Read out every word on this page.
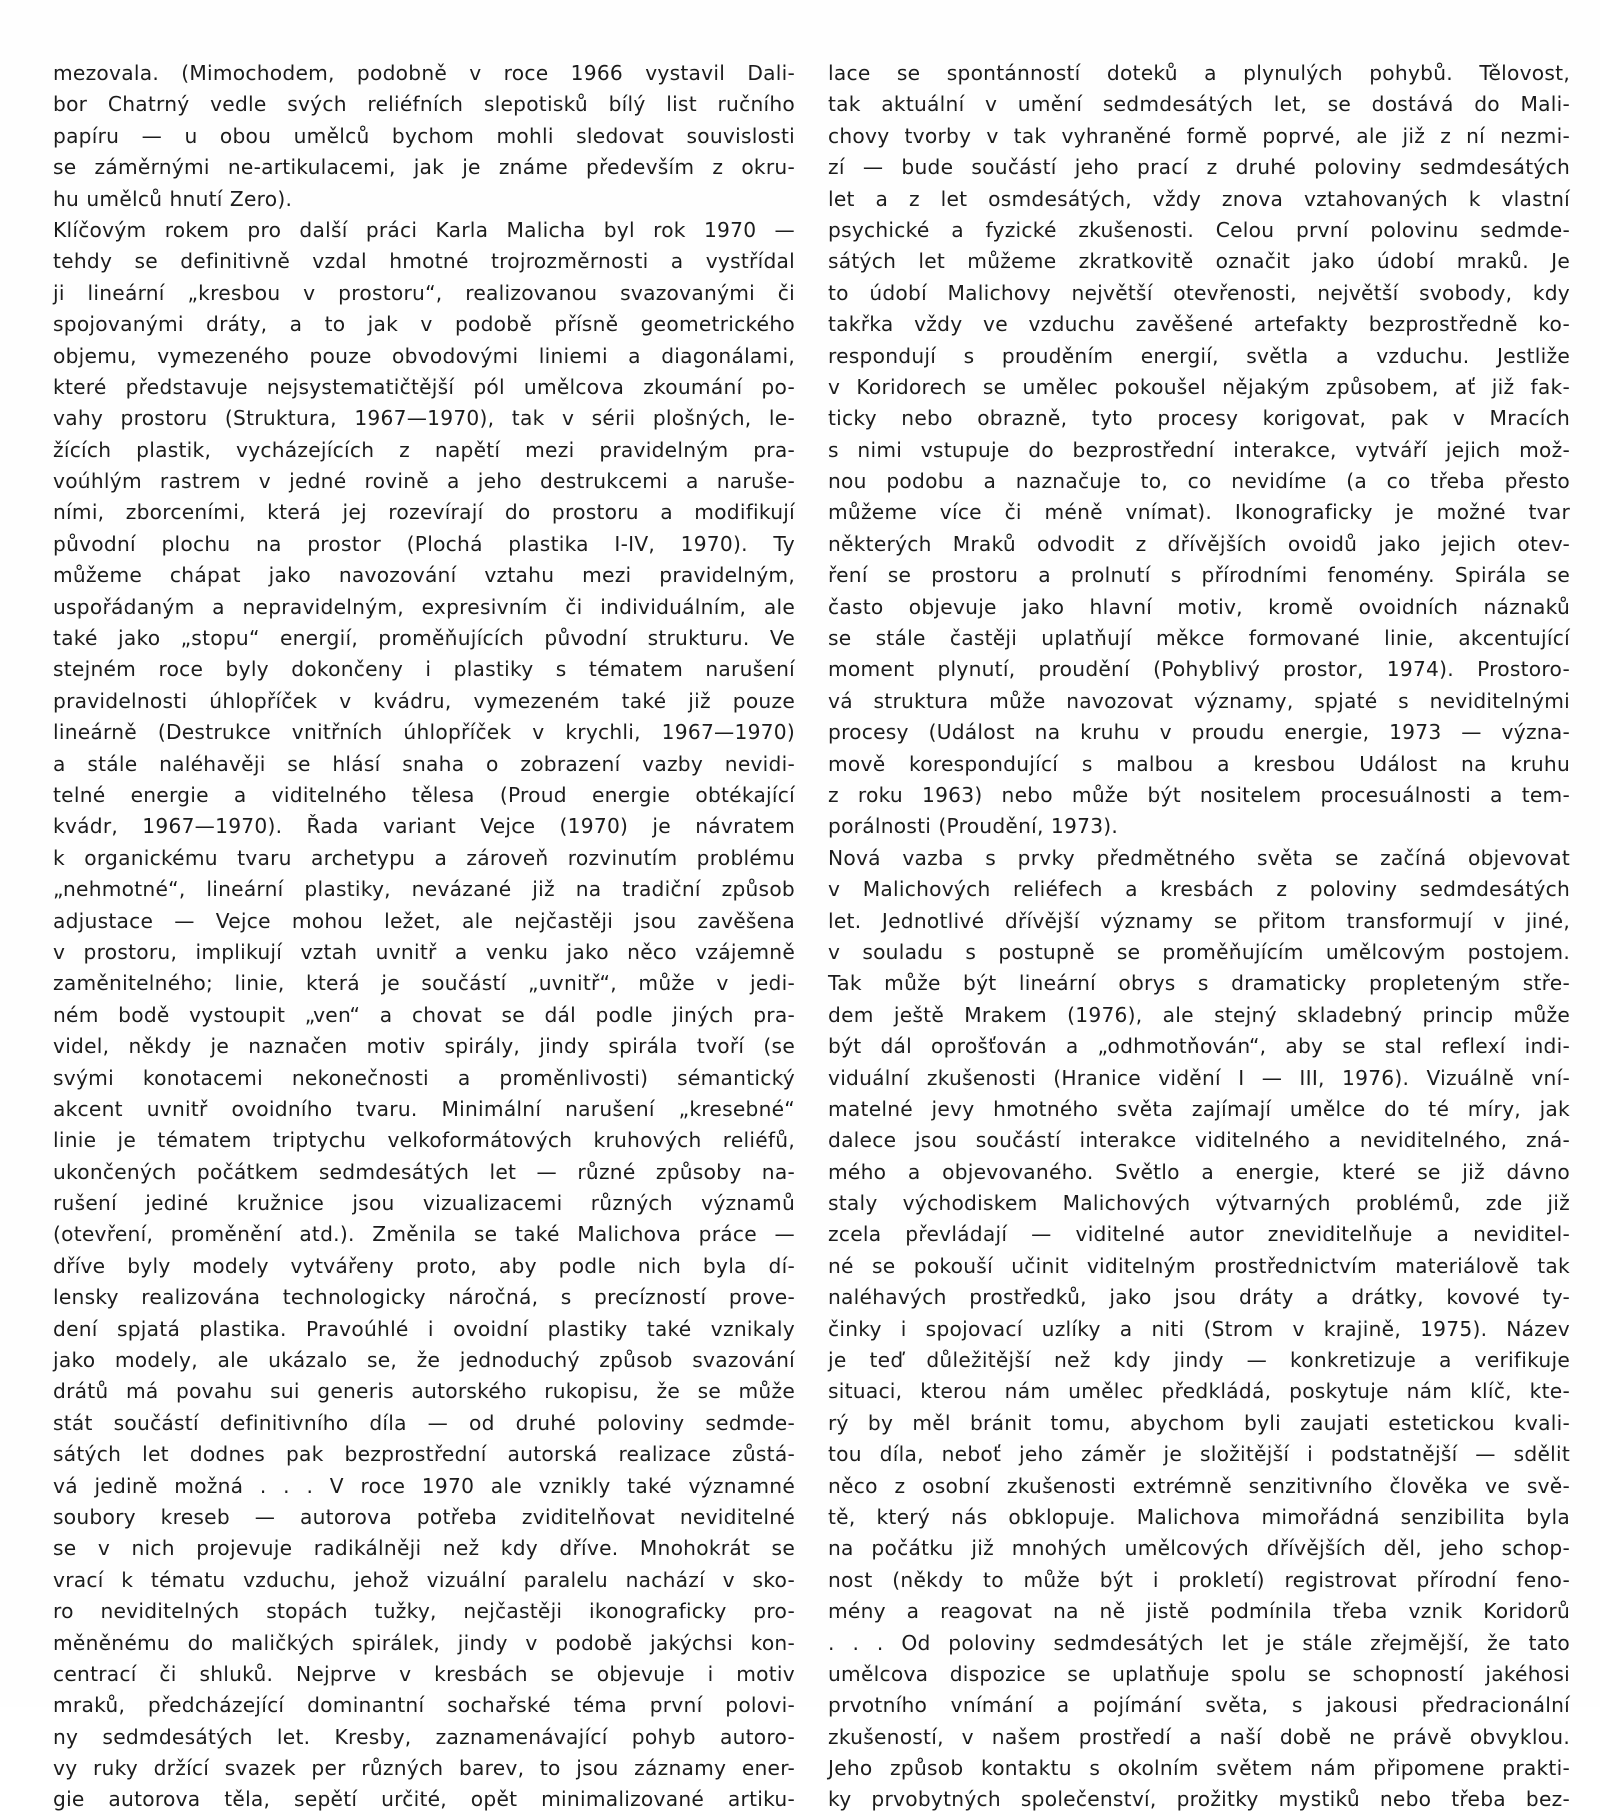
mezovala. (Mimochodem, podobně v roce 1966 vystavil Dali-
bor Chatrný vedle svých reliéfních slepotisků bílý list ručního
papíru — u obou umělců bychom mohli sledovat souvislosti
se záměrnými ne-artikulacemi, jak je známe především z okru-
hu umělců hnutí Zero).
Klíčovým rokem pro další práci Karla Malicha byl rok 1970 —
tehdy se definitivně vzdal hmotné trojrozměrnosti a vystřídal
ji lineární „kresbou v prostoru“, realizovanou svazovanými či
spojovanými dráty, a to jak v podobě přísně geometrického
objemu, vymezeného pouze obvodovými liniemi a diagonálami,
které představuje nejsystematičtější pól umělcova zkoumání po-
vahy prostoru (Struktura, 1967—1970), tak v sérii plošných, le-
žících plastik, vycházejících z napětí mezi pravidelným pra-
voúhlým rastrem v jedné rovině a jeho destrukcemi a naruše-
ními, zborceními, která jej rozevírají do prostoru a modifikují
původní plochu na prostor (Plochá plastika I-IV, 1970). Ty
můžeme chápat jako navozování vztahu mezi pravidelným,
uspořádaným a nepravidelným, expresivním či individuálním, ale
také jako „stopu“ energií, proměňujících původní strukturu. Ve
stejném roce byly dokončeny i plastiky s tématem narušení
pravidelnosti úhlopříček v kvádru, vymezeném také již pouze
lineárně (Destrukce vnitřních úhlopříček v krychli, 1967—1970)
a stále naléhavěji se hlásí snaha o zobrazení vazby nevidi-
telné energie a viditelného tělesa (Proud energie obtékající
kvádr, 1967—1970). Řada variant Vejce (1970) je návratem
k organickému tvaru archetypu a zároveň rozvinutím problému
„nehmotné“, lineární plastiky, nevázané již na tradiční způsob
adjustace — Vejce mohou ležet, ale nejčastěji jsou zavěšena
v prostoru, implikují vztah uvnitř a venku jako něco vzájemně
zaměnitelného; linie, která je součástí „uvnitř“, může v jedi-
ném bodě vystoupit „ven“ a chovat se dál podle jiných pra-
videl, někdy je naznačen motiv spirály, jindy spirála tvoří (se
svými konotacemi nekonečnosti a proměnlivosti) sémantický
akcent uvnitř ovoidního tvaru. Minimální narušení „kresebné“
linie je tématem triptychu velkoformátových kruhových reliéfů,
ukončených počátkem sedmdesátých let — různé způsoby na-
rušení jediné kružnice jsou vizualizacemi různých významů
(otevření, proměnění atd.). Změnila se také Malichova práce —
dříve byly modely vytvářeny proto, aby podle nich byla dí-
lensky realizována technologicky náročná, s precízností prove-
dení spjatá plastika. Pravoúhlé i ovoidní plastiky také vznikaly
jako modely, ale ukázalo se, že jednoduchý způsob svazování
drátů má povahu sui generis autorského rukopisu, že se může
stát součástí definitivního díla — od druhé poloviny sedmde-
sátých let dodnes pak bezprostřední autorská realizace zůstá-
vá jedině možná . . . V roce 1970 ale vznikly také významné
soubory kreseb — autorova potřeba zviditelňovat neviditelné
se v nich projevuje radikálněji než kdy dříve. Mnohokrát se
vrací k tématu vzduchu, jehož vizuální paralelu nachází v sko-
ro neviditelných stopách tužky, nejčastěji ikonograficky pro-
měněnému do maličkých spirálek, jindy v podobě jakýchsi kon-
centrací či shluků. Nejprve v kresbách se objevuje i motiv
mraků, předcházející dominantní sochařské téma první polovi-
ny sedmdesátých let. Kresby, zaznamenávající pohyb autoro-
vy ruky držící svazek per různých barev, to jsou záznamy ener-
gie autorova těla, sepětí určité, opět minimalizované artiku-
lace se spontánností doteků a plynulých pohybů. Tělovost,
tak aktuální v umění sedmdesátých let, se dostává do Mali-
chovy tvorby v tak vyhraněné formě poprvé, ale již z ní nezmi-
zí — bude součástí jeho prací z druhé poloviny sedmdesátých
let a z let osmdesátých, vždy znova vztahovaných k vlastní
psychické a fyzické zkušenosti. Celou první polovinu sedmde-
sátých let můžeme zkratkovitě označit jako údobí mraků. Je
to údobí Malichovy největší otevřenosti, největší svobody, kdy
takřka vždy ve vzduchu zavěšené artefakty bezprostředně ko-
respondují s prouděním energií, světla a vzduchu. Jestliže
v Koridorech se umělec pokoušel nějakým způsobem, ať již fak-
ticky nebo obrazně, tyto procesy korigovat, pak v Mracích
s nimi vstupuje do bezprostřední interakce, vytváří jejich mož-
nou podobu a naznačuje to, co nevidíme (a co třeba přesto
můžeme více či méně vnímat). Ikonograficky je možné tvar
některých Mraků odvodit z dřívějších ovoidů jako jejich otev-
ření se prostoru a prolnutí s přírodními fenomény. Spirála se
často objevuje jako hlavní motiv, kromě ovoidních náznaků
se stále častěji uplatňují měkce formované linie, akcentující
moment plynutí, proudění (Pohyblivý prostor, 1974). Prostoro-
vá struktura může navozovat významy, spjaté s neviditelnými
procesy (Událost na kruhu v proudu energie, 1973 — význa-
mově korespondující s malbou a kresbou Událost na kruhu
z roku 1963) nebo může být nositelem procesuálnosti a tem-
porálnosti (Proudění, 1973).
Nová vazba s prvky předmětného světa se začíná objevovat
v Malichových reliéfech a kresbách z poloviny sedmdesátých
let. Jednotlivé dřívější významy se přitom transformují v jiné,
v souladu s postupně se proměňujícím umělcovým postojem.
Tak může být lineární obrys s dramaticky propleteným stře-
dem ještě Mrakem (1976), ale stejný skladebný princip může
být dál oprošťován a „odhmotňován“, aby se stal reflexí indi-
viduální zkušenosti (Hranice vidění I — III, 1976). Vizuálně vní-
matelné jevy hmotného světa zajímají umělce do té míry, jak
dalece jsou součástí interakce viditelného a neviditelného, zná-
mého a objevovaného. Světlo a energie, které se již dávno
staly východiskem Malichových výtvarných problémů, zde již
zcela převládají — viditelné autor zneviditelňuje a neviditel-
né se pokouší učinit viditelným prostřednictvím materiálově tak
naléhavých prostředků, jako jsou dráty a drátky, kovové ty-
činky i spojovací uzlíky a niti (Strom v krajině, 1975). Název
je teď důležitější než kdy jindy — konkretizuje a verifikuje
situaci, kterou nám umělec předkládá, poskytuje nám klíč, kte-
rý by měl bránit tomu, abychom byli zaujati estetickou kvali-
tou díla, neboť jeho záměr je složitější i podstatnější — sdělit
něco z osobní zkušenosti extrémně senzitivního člověka ve svě-
tě, který nás obklopuje. Malichova mimořádná senzibilita byla
na počátku již mnohých umělcových dřívějších děl, jeho schop-
nost (někdy to může být i prokletí) registrovat přírodní feno-
mény a reagovat na ně jistě podmínila třeba vznik Koridorů
. . . Od poloviny sedmdesátých let je stále zřejmější, že tato
umělcova dispozice se uplatňuje spolu se schopností jakéhosi
prvotního vnímání a pojímání světa, s jakousi předracionální
zkušeností, v našem prostředí a naší době ne právě obvyklou.
Jeho způsob kontaktu s okolním světem nám připomene prakti-
ky prvobytných společenství, prožitky mystiků nebo třeba bez-
